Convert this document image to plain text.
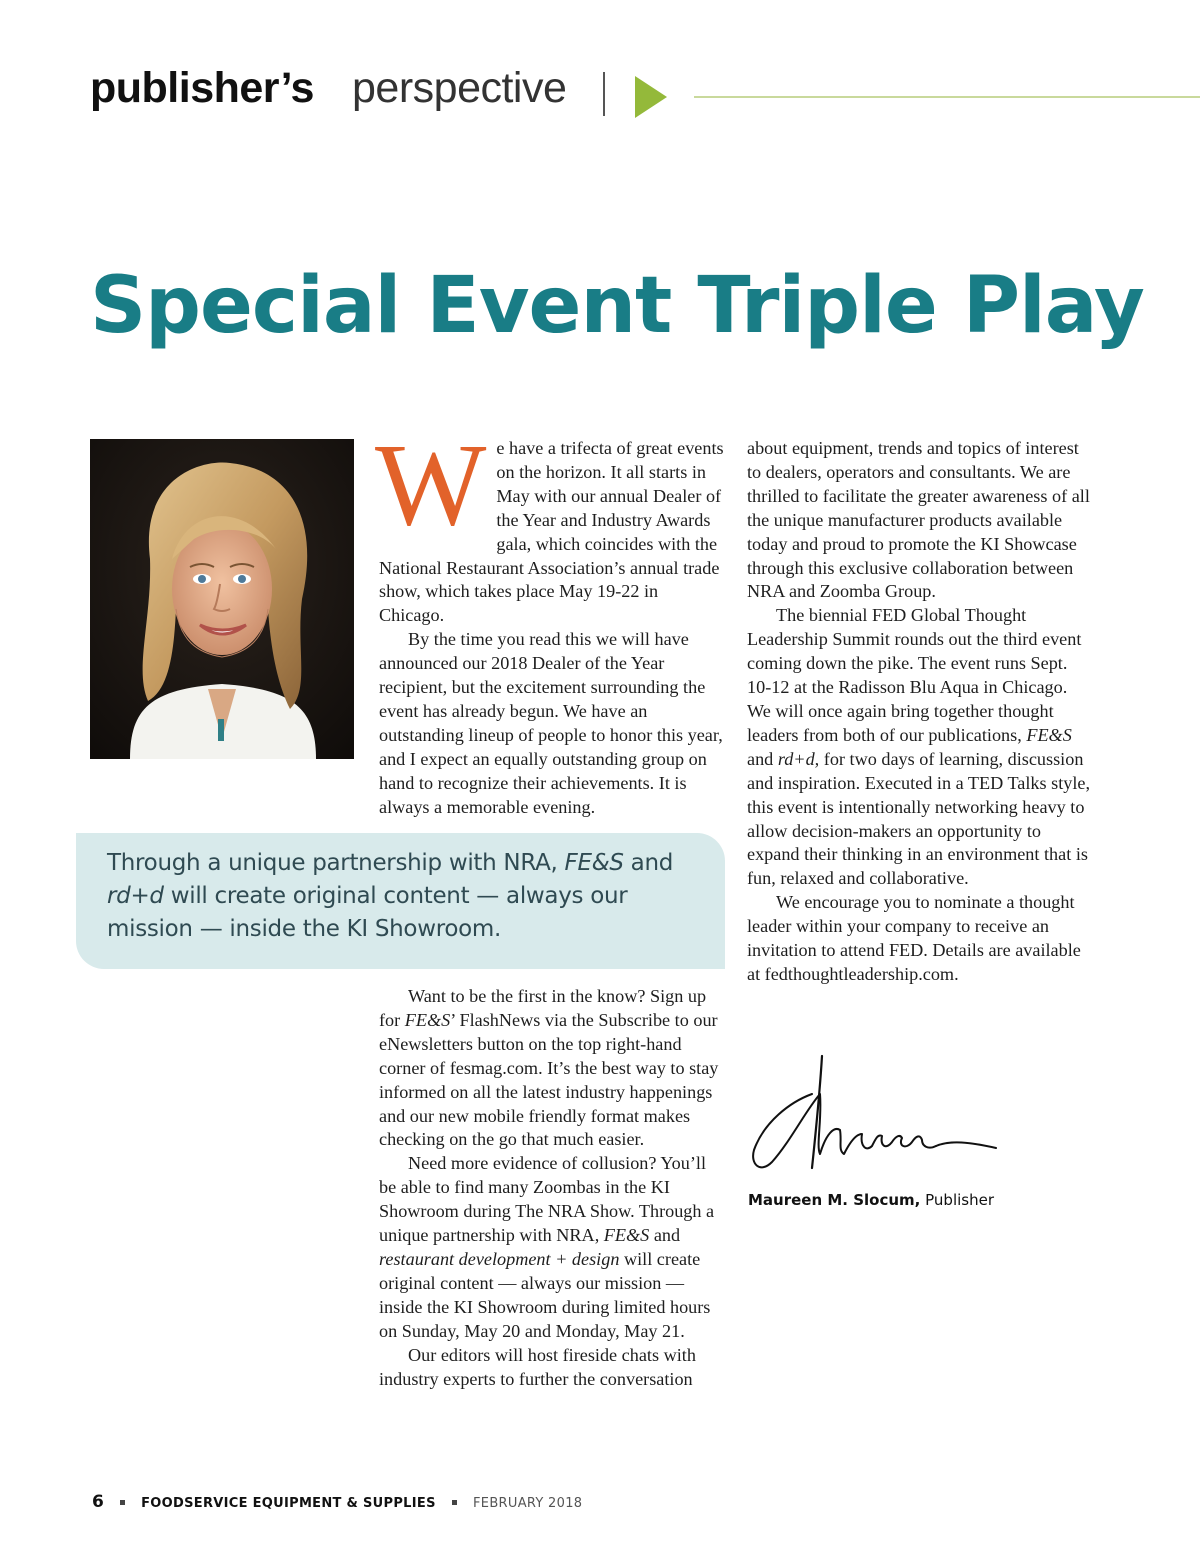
publisher’s perspective
Special Event Triple Play
W e have a trifecta of great events on the horizon. It all starts in May with our annual Dealer of the Year and Industry Awards gala, which coincides with the National Restaurant Association’s annual trade show, which takes place May 19-22 in Chicago.

By the time you read this we will have announced our 2018 Dealer of the Year recipient, but the excitement surrounding the event has already begun. We have an outstanding lineup of people to honor this year, and I expect an equally outstanding group on hand to recognize their achievements. It is always a memorable evening.

Through a unique partnership with NRA, FE&S and rd+d will create original content — always our mission — inside the KI Showroom.

Want to be the first in the know? Sign up for FE&S’ FlashNews via the Subscribe to our eNewsletters button on the top right-hand corner of fesmag.com. It’s the best way to stay informed on all the latest industry happenings and our new mobile friendly format makes checking on the go that much easier.

Need more evidence of collusion? You’ll be able to find many Zoombas in the KI Showroom during The NRA Show. Through a unique partnership with NRA, FE&S and restaurant development + design will create original content — always our mission — inside the KI Showroom during limited hours on Sunday, May 20 and Monday, May 21.

Our editors will host fireside chats with industry experts to further the conversation

about equipment, trends and topics of interest to dealers, operators and consultants. We are thrilled to facilitate the greater awareness of all the unique manufacturer products available today and proud to promote the KI Showcase through this exclusive collaboration between NRA and Zoomba Group.

The biennial FED Global Thought Leadership Summit rounds out the third event coming down the pike. The event runs Sept. 10-12 at the Radisson Blu Aqua in Chicago. We will once again bring together thought leaders from both of our publications, FE&S and rd+d, for two days of learning, discussion and inspiration. Executed in a TED Talks style, this event is intentionally networking heavy to allow decision-makers an opportunity to expand their thinking in an environment that is fun, relaxed and collaborative.

We encourage you to nominate a thought leader within your company to receive an invitation to attend FED. Details are available at fedthoughtleadership.com.

Maureen M. Slocum, Publisher
6	FOODSERVICE EQUIPMENT & SUPPLIES	FEBRUARY 2018
